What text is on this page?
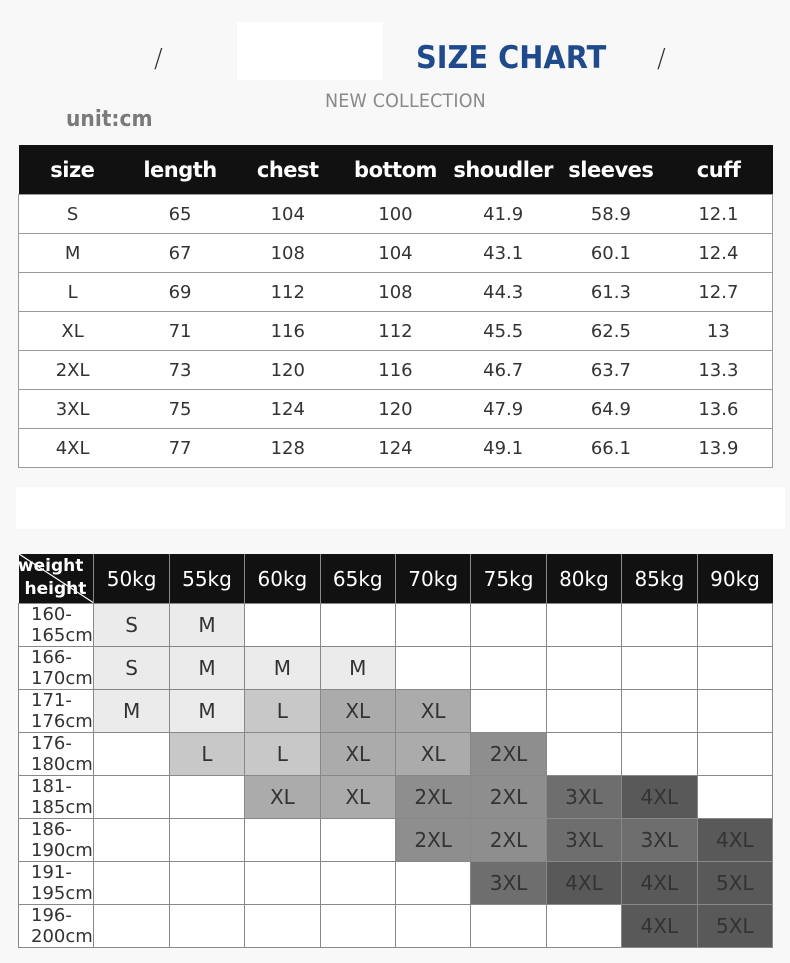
/	SIZE CHART /
NEW COLLECTION
unit:cm
size	length	chest	bottom	shoudler	sleeves	cuff
S	65	104	100	41.9	58.9	12.1
M	67	108	104	43.1	60.1	12.4
L	69	112	108	44.3	61.3	12.7
XL	71	116	112	45.5	62.5	13
2XL	73	120	116	46.7	63.7	13.3
3XL	75	124	120	47.9	64.9	13.6
4XL	77	128	124	49.1	66.1	13.9
weight
height	50kg	55kg	60kg	65kg	70kg	75kg	80kg	85kg	90kg
160-165cm	S	M							
166-170cm	S	M	M	M					
171-176cm	M	M	L	XL	XL				
176-180cm		L	L	XL	XL	2XL			
181-185cm			XL	XL	2XL	2XL	3XL	4XL	
186-190cm					2XL	2XL	3XL	3XL	4XL
191-195cm						3XL	4XL	4XL	5XL
196-200cm								4XL	5XL
